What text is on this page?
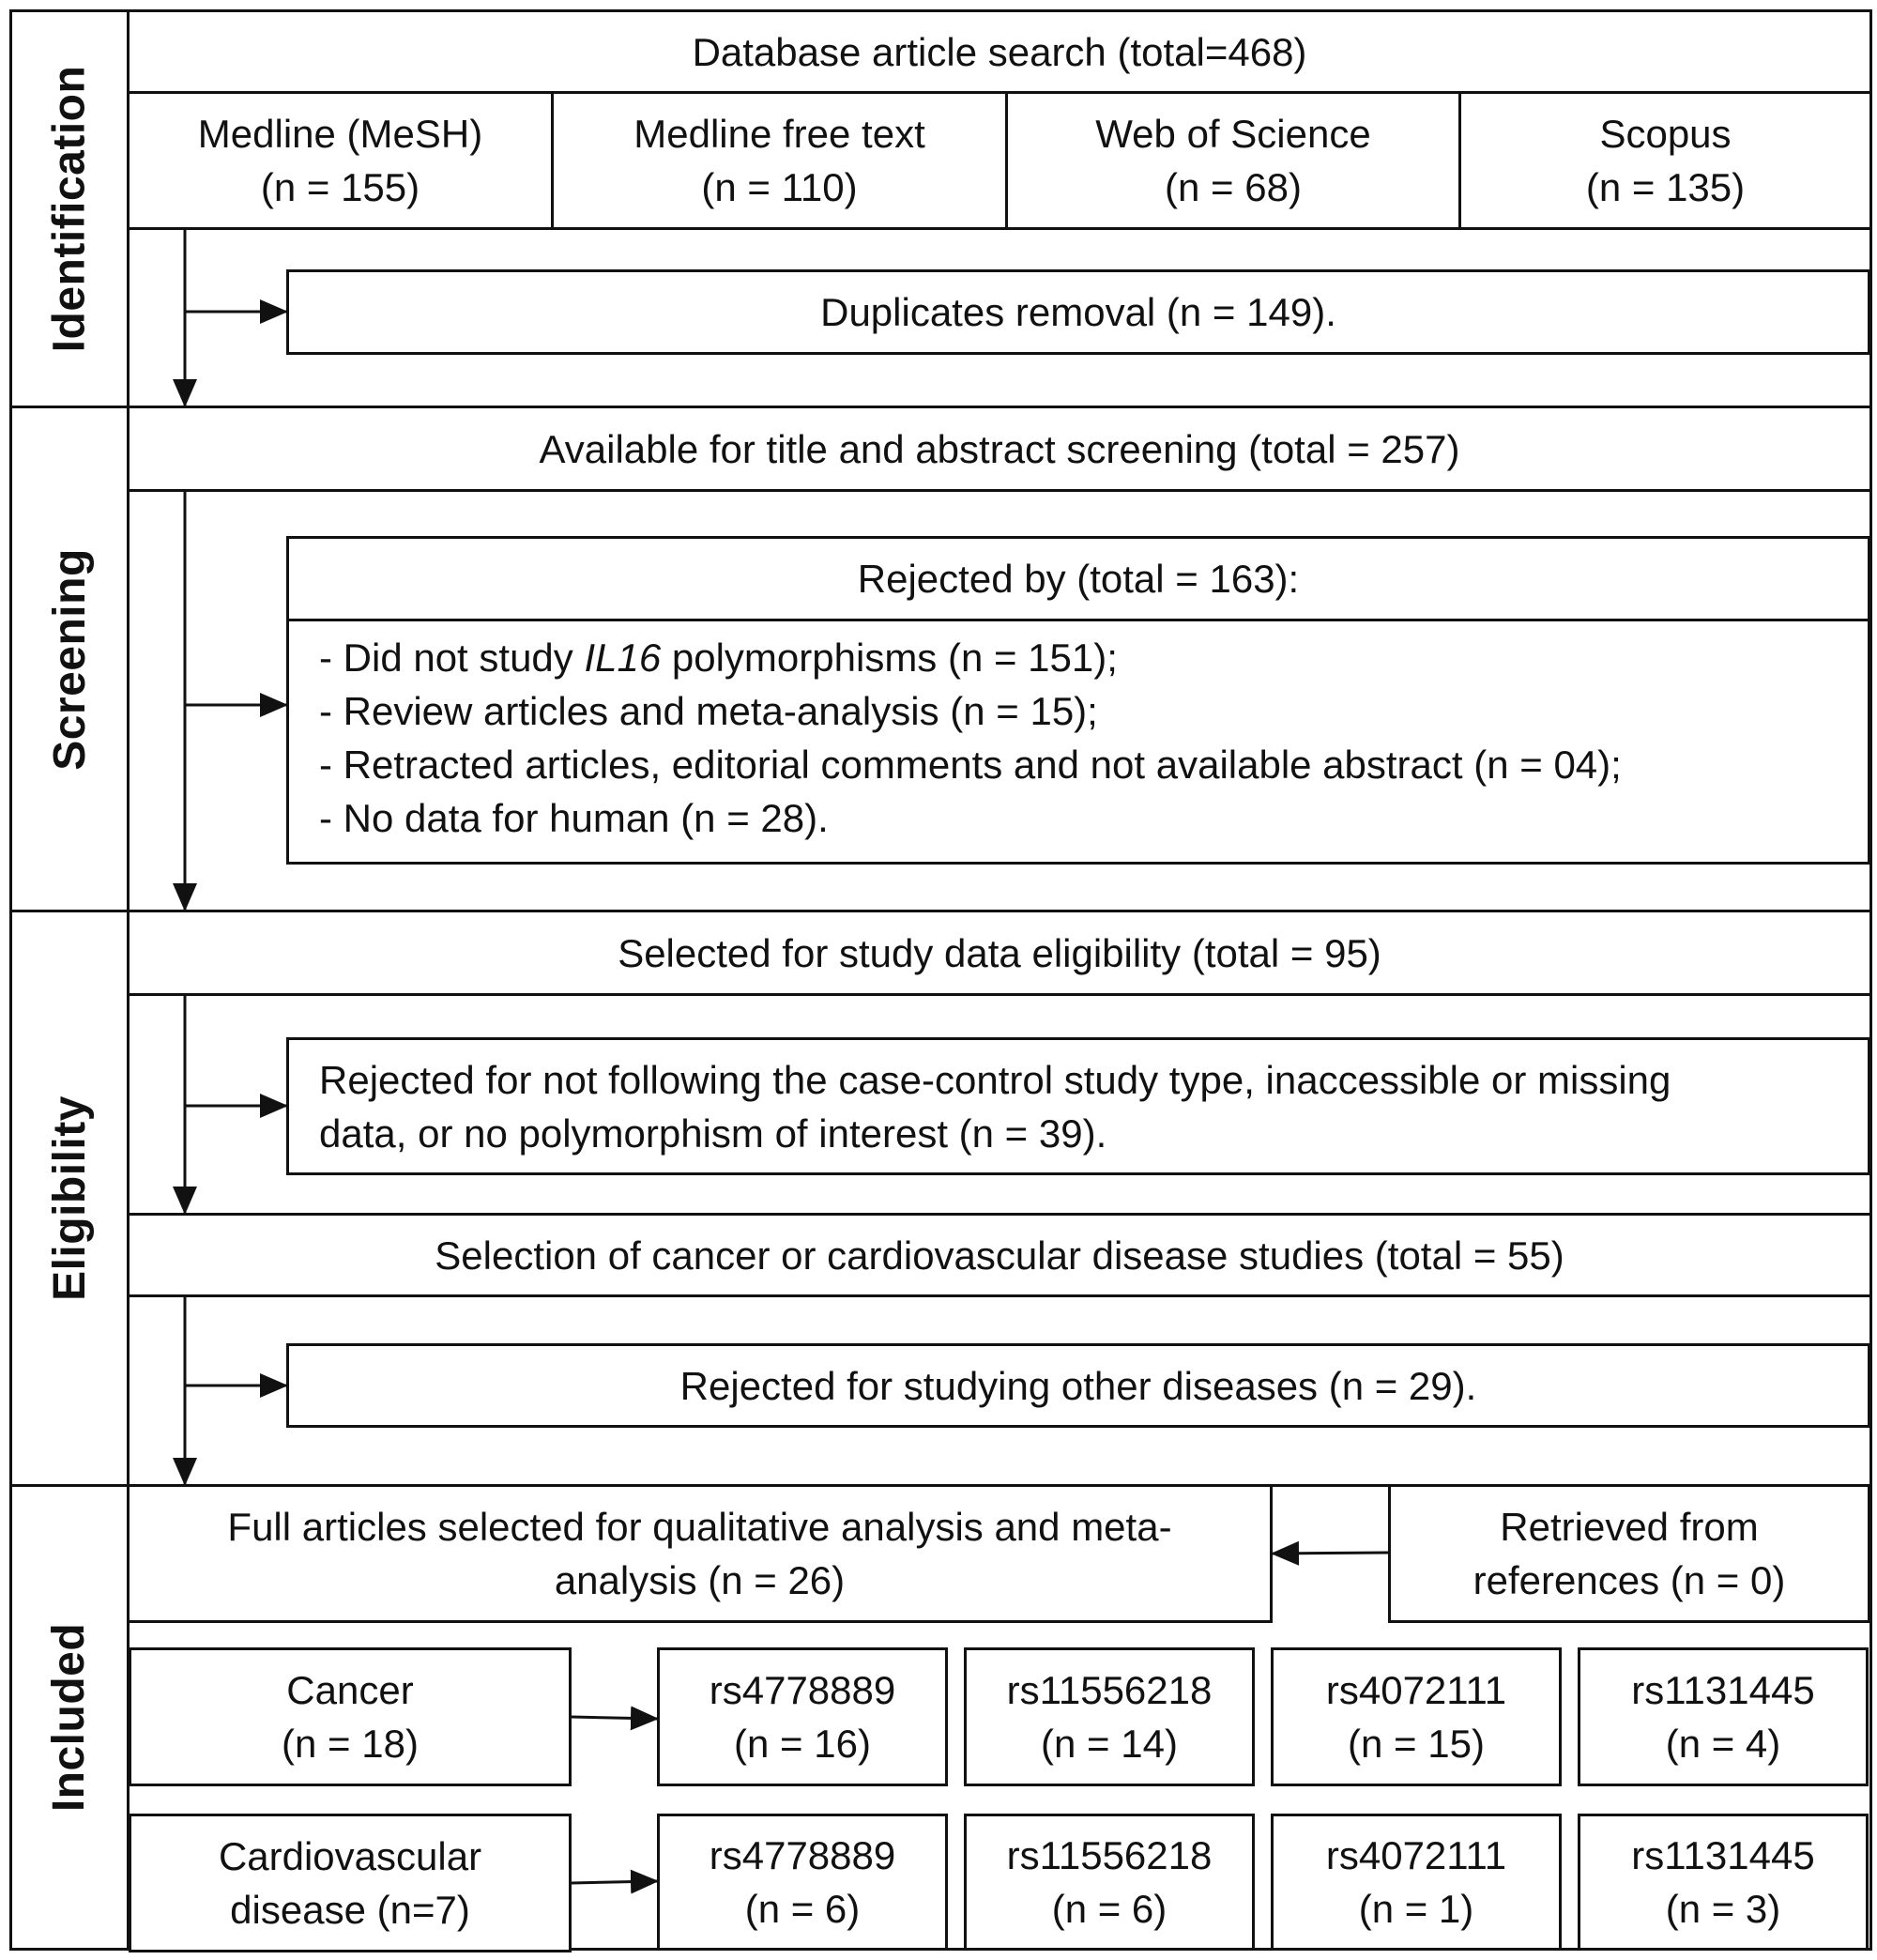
Identification
Screening
Eligibility
Included
Database article search (total=468)
Medline (MeSH)
(n = 155)
Medline free text
(n = 110)
Web of Science
(n = 68)
Scopus
(n = 135)
Duplicates removal (n = 149).
Available for title and abstract screening (total = 257)
Rejected by (total = 163):
- Did not study IL16 polymorphisms (n = 151);
- Review articles and meta-analysis (n = 15);
- Retracted articles, editorial comments and not available abstract (n = 04);
- No data for human (n = 28).
Selected for study data eligibility (total = 95)
Rejected for not following the case-control study type, inaccessible or missing
data, or no polymorphism of interest (n = 39).
Selection of cancer or cardiovascular disease studies (total = 55)
Rejected for studying other diseases (n = 29).
Full articles selected for qualitative analysis and meta-
analysis (n = 26)
Retrieved from
references (n = 0)
Cancer
(n = 18)
rs4778889
(n = 16)
rs11556218
(n = 14)
rs4072111
(n = 15)
rs1131445
(n = 4)
Cardiovascular
disease (n=7)
rs4778889
(n = 6)
rs11556218
(n = 6)
rs4072111
(n = 1)
rs1131445
(n = 3)
